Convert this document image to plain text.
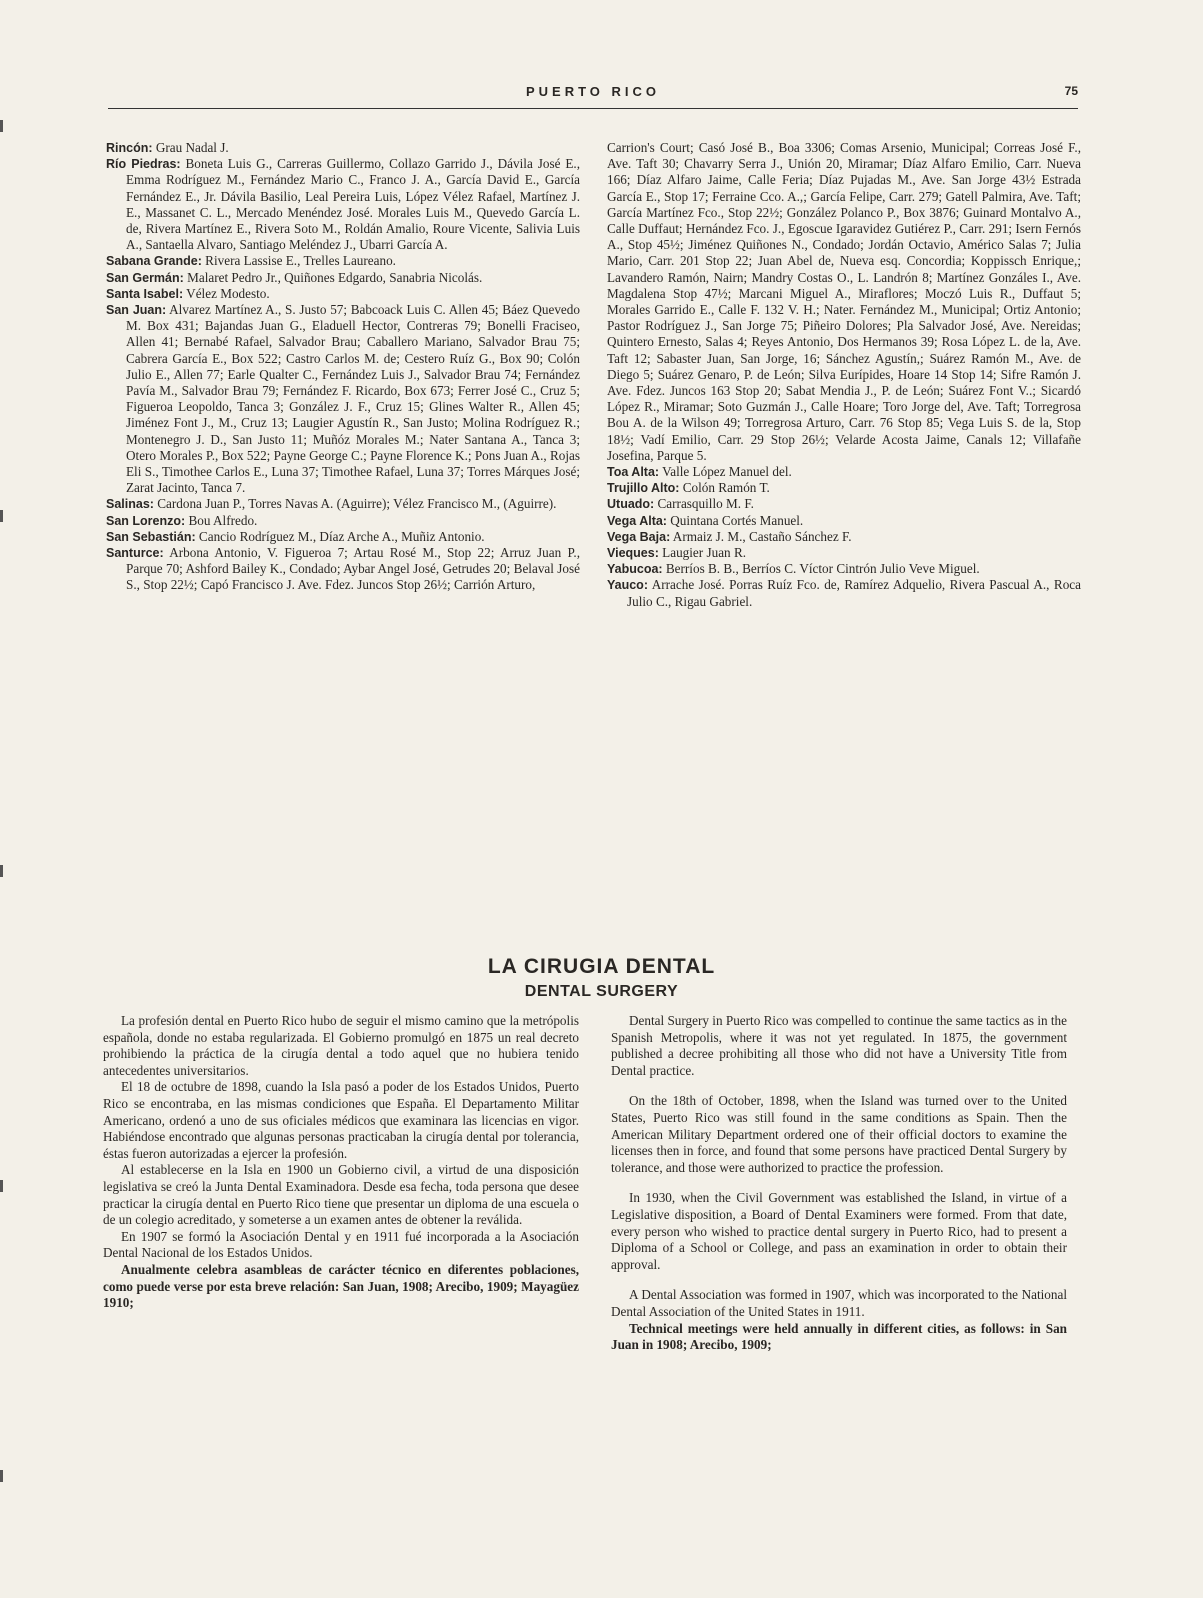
PUERTO RICO	75

Rincón: Grau Nadal J.

Río Piedras: Boneta Luis G., Carreras Guillermo, Collazo Garrido J., Dávila José E., Emma Rodríguez M., Fernández Mario C., Franco J. A., García David E., García Fernández E., Jr. Dávila Basilio, Leal Pereira Luis, López Vélez Rafael, Martínez J. E., Massanet C. L., Mercado Menéndez José. Morales Luis M., Quevedo García L. de, Rivera Martínez E., Rivera Soto M., Roldán Amalio, Roure Vicente, Salivia Luis A., Santaella Alvaro, Santiago Meléndez J., Ubarri García A.

Sabana Grande: Rivera Lassise E., Trelles Laureano.

San Germán: Malaret Pedro Jr., Quiñones Edgardo, Sanabria Nicolás.

Santa Isabel: Vélez Modesto.

San Juan: Alvarez Martínez A., S. Justo 57; Babcoack Luis C. Allen 45; Báez Quevedo M. Box 431; Bajandas Juan G., Eladuell Hector, Contreras 79; Bonelli Fraciseo, Allen 41; Bernabé Rafael, Salvador Brau; Caballero Mariano, Salvador Brau 75; Cabrera García E., Box 522; Castro Carlos M. de; Cestero Ruíz G., Box 90; Colón Julio E., Allen 77; Earle Qualter C., Fernández Luis J., Salvador Brau 74; Fernández Pavía M., Salvador Brau 79; Fernández F. Ricardo, Box 673; Ferrer José C., Cruz 5; Figueroa Leopoldo, Tanca 3; González J. F., Cruz 15; Glines Walter R., Allen 45; Jiménez Font J., M., Cruz 13; Laugier Agustín R., San Justo; Molina Rodríguez R.; Montenegro J. D., San Justo 11; Muñóz Morales M.; Nater Santana A., Tanca 3; Otero Morales P., Box 522; Payne George C.; Payne Florence K.; Pons Juan A., Rojas Eli S., Timothee Carlos E., Luna 37; Timothee Rafael, Luna 37; Torres Márques José; Zarat Jacinto, Tanca 7.

Salinas: Cardona Juan P., Torres Navas A. (Aguirre); Vélez Francisco M., (Aguirre).

San Lorenzo: Bou Alfredo.

San Sebastián: Cancio Rodríguez M., Díaz Arche A., Muñiz Antonio.

Santurce: Arbona Antonio, V. Figueroa 7; Artau Rosé M., Stop 22; Arruz Juan P., Parque 70; Ashford Bailey K., Condado; Aybar Angel José, Getrudes 20; Belaval José S., Stop 22½; Capó Francisco J. Ave. Fdez. Juncos Stop 26½; Carrión Arturo,

Carrion's Court; Casó José B., Boa 3306; Comas Arsenio, Municipal; Correas José F., Ave. Taft 30; Chavarry Serra J., Unión 20, Miramar; Díaz Alfaro Emilio, Carr. Nueva 166; Díaz Alfaro Jaime, Calle Feria; Díaz Pujadas M., Ave. San Jorge 43½ Estrada García E., Stop 17; Ferraine Cco. A.,; García Felipe, Carr. 279; Gatell Palmira, Ave. Taft; García Martínez Fco., Stop 22½; González Polanco P., Box 3876; Guinard Montalvo A., Calle Duffaut; Hernández Fco. J., Egoscue Igaravidez Gutiérez P., Carr. 291; Isern Fernós A., Stop 45½; Jiménez Quiñones N., Condado; Jordán Octavio, Américo Salas 7; Julia Mario, Carr. 201 Stop 22; Juan Abel de, Nueva esq. Concordia; Koppissch Enrique,; Lavandero Ramón, Nairn; Mandry Costas O., L. Landrón 8; Martínez Gonzáles I., Ave. Magdalena Stop 47½; Marcani Miguel A., Miraflores; Moczó Luis R., Duffaut 5; Morales Garrido E., Calle F. 132 V. H.; Nater. Fernández M., Municipal; Ortiz Antonio; Pastor Rodríguez J., San Jorge 75; Piñeiro Dolores; Pla Salvador José, Ave. Nereidas; Quintero Ernesto, Salas 4; Reyes Antonio, Dos Hermanos 39; Rosa López L. de la, Ave. Taft 12; Sabaster Juan, San Jorge, 16; Sánchez Agustín,; Suárez Ramón M., Ave. de Diego 5; Suárez Genaro, P. de León; Silva Eurípides, Hoare 14 Stop 14; Sifre Ramón J. Ave. Fdez. Juncos 163 Stop 20; Sabat Mendia J., P. de León; Suárez Font V..; Sicardó López R., Miramar; Soto Guzmán J., Calle Hoare; Toro Jorge del, Ave. Taft; Torregrosa Bou A. de la Wilson 49; Torregrosa Arturo, Carr. 76 Stop 85; Vega Luis S. de la, Stop 18½; Vadí Emilio, Carr. 29 Stop 26½; Velarde Acosta Jaime, Canals 12; Villafañe Josefina, Parque 5.

Toa Alta: Valle López Manuel del.

Trujillo Alto: Colón Ramón T.

Utuado: Carrasquillo M. F.

Vega Alta: Quintana Cortés Manuel.

Vega Baja: Armaiz J. M., Castaño Sánchez F.

Vieques: Laugier Juan R.

Yabucoa: Berríos B. B., Berríos C. Víctor Cintrón Julio Veve Miguel.

Yauco: Arrache José. Porras Ruíz Fco. de, Ramírez Adquelio, Rivera Pascual A., Roca Julio C., Rigau Gabriel.

LA CIRUGIA DENTAL
DENTAL SURGERY

La profesión dental en Puerto Rico hubo de seguir el mismo camino que la metrópolis española, donde no estaba regularizada. El Gobierno promulgó en 1875 un real decreto prohibiendo la práctica de la cirugía dental a todo aquel que no hubiera tenido antecedentes universitarios.

El 18 de octubre de 1898, cuando la Isla pasó a poder de los Estados Unidos, Puerto Rico se encontraba, en las mismas condiciones que España. El Departamento Militar Americano, ordenó a uno de sus oficiales médicos que examinara las licencias en vigor. Habiéndose encontrado que algunas personas practicaban la cirugía dental por tolerancia, éstas fueron autorizadas a ejercer la profesión.

Al establecerse en la Isla en 1900 un Gobierno civil, a virtud de una disposición legislativa se creó la Junta Dental Examinadora. Desde esa fecha, toda persona que desee practicar la cirugía dental en Puerto Rico tiene que presentar un diploma de una escuela o de un colegio acreditado, y someterse a un examen antes de obtener la reválida.

En 1907 se formó la Asociación Dental y en 1911 fué incorporada a la Asociación Dental Nacional de los Estados Unidos.

Anualmente celebra asambleas de carácter técnico en diferentes poblaciones, como puede verse por esta breve relación: San Juan, 1908; Arecibo, 1909; Mayagüez 1910;

Dental Surgery in Puerto Rico was compelled to continue the same tactics as in the Spanish Metropolis, where it was not yet regulated. In 1875, the government published a decree prohibiting all those who did not have a University Title from Dental practice.

On the 18th of October, 1898, when the Island was turned over to the United States, Puerto Rico was still found in the same conditions as Spain. Then the American Military Department ordered one of their official doctors to examine the licenses then in force, and found that some persons have practiced Dental Surgery by tolerance, and those were authorized to practice the profession.

In 1930, when the Civil Government was established the Island, in virtue of a Legislative disposition, a Board of Dental Examiners were formed. From that date, every person who wished to practice dental surgery in Puerto Rico, had to present a Diploma of a School or College, and pass an examination in order to obtain their approval.

A Dental Association was formed in 1907, which was incorporated to the National Dental Association of the United States in 1911.

Technical meetings were held annually in different cities, as follows: in San Juan in 1908; Arecibo, 1909;
